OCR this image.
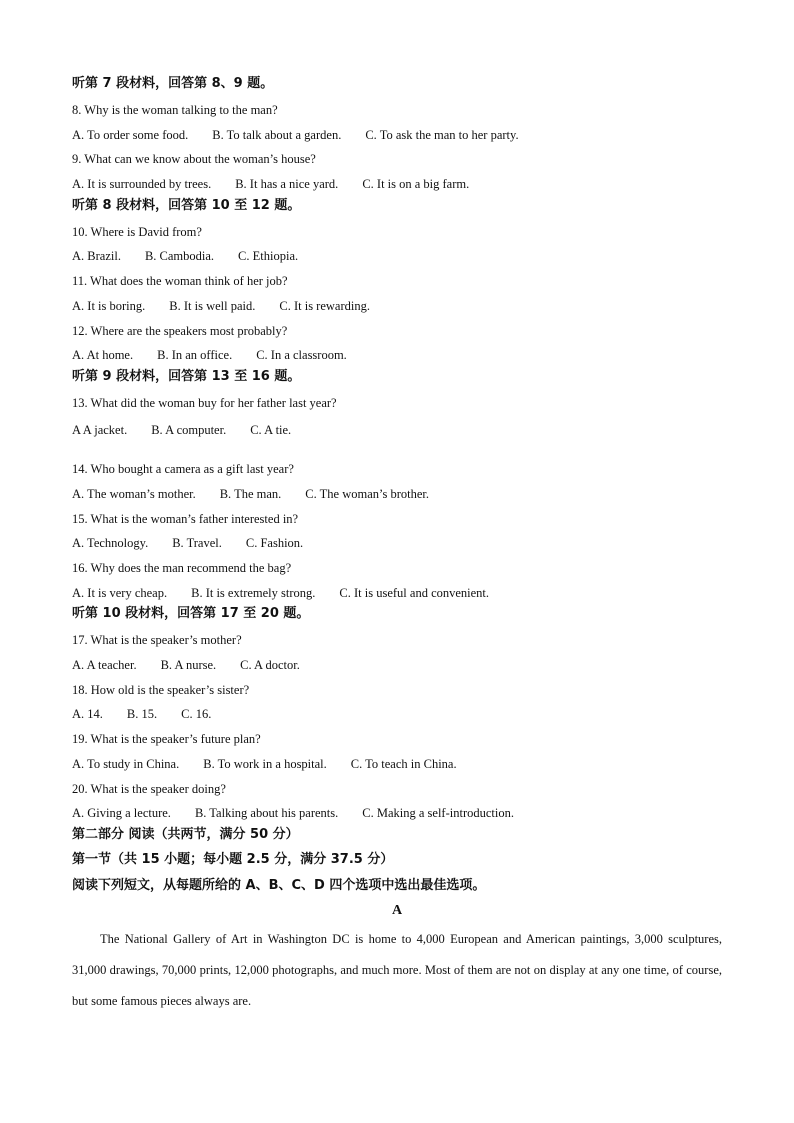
听第 7 段材料，回答第 8、9 题。
8. Why is the woman talking to the man?
A. To order some food. B. To talk about a garden. C. To ask the man to her party.
9. What can we know about the woman’s house?
A. It is surrounded by trees. B. It has a nice yard. C. It is on a big farm.
听第 8 段材料，回答第 10 至 12 题。
10. Where is David from?
A. Brazil. B. Cambodia. C. Ethiopia.
11. What does the woman think of her job?
A. It is boring. B. It is well paid. C. It is rewarding.
12. Where are the speakers most probably?
A. At home. B. In an office. C. In a classroom.
听第 9 段材料，回答第 13 至 16 题。
13. What did the woman buy for her father last year?
A A jacket. B. A computer. C. A tie.
14. Who bought a camera as a gift last year?
A. The woman’s mother. B. The man. C. The woman’s brother.
15. What is the woman’s father interested in?
A. Technology. B. Travel. C. Fashion.
16. Why does the man recommend the bag?
A. It is very cheap. B. It is extremely strong. C. It is useful and convenient.
听第 10 段材料，回答第 17 至 20 题。
17. What is the speaker’s mother?
A. A teacher. B. A nurse. C. A doctor.
18. How old is the speaker’s sister?
A. 14. B. 15. C. 16.
19. What is the speaker’s future plan?
A. To study in China. B. To work in a hospital. C. To teach in China.
20. What is the speaker doing?
A. Giving a lecture. B. Talking about his parents. C. Making a self-introduction.
第二部分 阅读（共两节，满分 50 分）
第一节（共 15 小题；每小题 2.5 分，满分 37.5 分）
阅读下列短文，从每题所给的 A、B、C、D 四个选项中选出最佳选项。
A
The National Gallery of Art in Washington DC is home to 4,000 European and American paintings, 3,000 sculptures, 31,000 drawings, 70,000 prints, 12,000 photographs, and much more. Most of them are not on display at any one time, of course, but some famous pieces always are.
